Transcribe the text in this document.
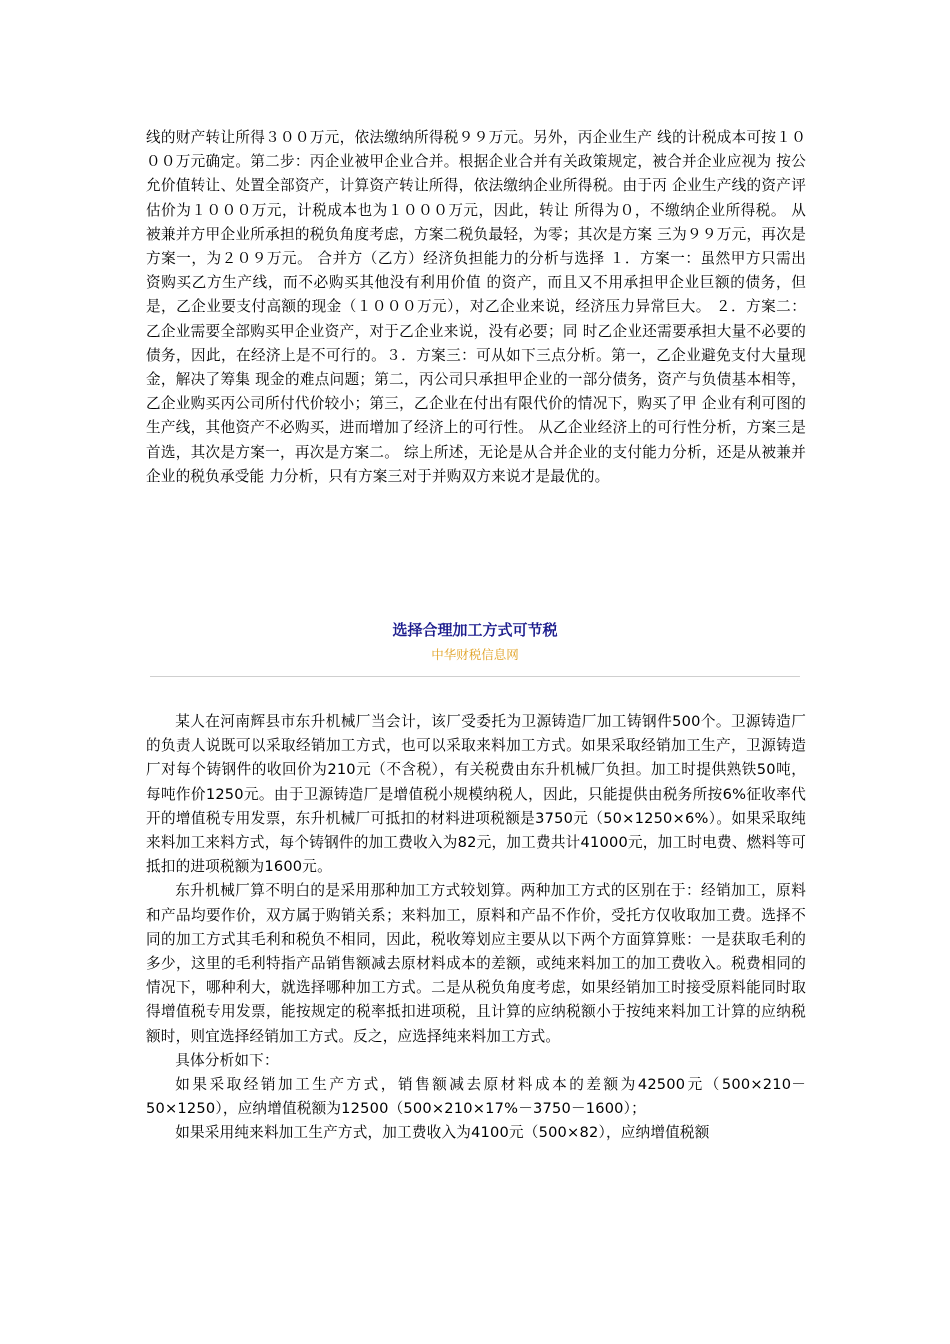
线的财产转让所得３００万元，依法缴纳所得税９９万元。另外，丙企业生产 线的计税成本可按１０００万元确定。第二步：丙企业被甲企业合并。根据企业合并有关政策规定，被合并企业应视为 按公允价值转让、处置全部资产，计算资产转让所得，依法缴纳企业所得税。由于丙 企业生产线的资产评估价为１０００万元，计税成本也为１０００万元，因此，转让 所得为０，不缴纳企业所得税。 从被兼并方甲企业所承担的税负角度考虑，方案二税负最轻，为零；其次是方案 三为９９万元，再次是方案一，为２０９万元。 合并方（乙方）经济负担能力的分析与选择 １．方案一：虽然甲方只需出资购买乙方生产线，而不必购买其他没有利用价值 的资产，而且又不用承担甲企业巨额的债务，但是，乙企业要支付高额的现金（１０００万元），对乙企业来说，经济压力异常巨大。 ２．方案二：乙企业需要全部购买甲企业资产，对于乙企业来说，没有必要；同 时乙企业还需要承担大量不必要的债务，因此，在经济上是不可行的。３．方案三：可从如下三点分析。第一，乙企业避免支付大量现金，解决了筹集 现金的难点问题；第二，丙公司只承担甲企业的一部分债务，资产与负债基本相等， 乙企业购买丙公司所付代价较小；第三，乙企业在付出有限代价的情况下，购买了甲 企业有利可图的生产线，其他资产不必购买，进而增加了经济上的可行性。 从乙企业经济上的可行性分析，方案三是首选，其次是方案一，再次是方案二。 综上所述，无论是从合并企业的支付能力分析，还是从被兼并企业的税负承受能 力分析，只有方案三对于并购双方来说才是最优的。

选择合理加工方式可节税
中华财税信息网

某人在河南辉县市东升机械厂当会计，该厂受委托为卫源铸造厂加工铸钢件500个。卫源铸造厂的负责人说既可以采取经销加工方式，也可以采取来料加工方式。如果采取经销加工生产，卫源铸造厂对每个铸钢件的收回价为210元（不含税），有关税费由东升机械厂负担。加工时提供熟铁50吨，每吨作价1250元。由于卫源铸造厂是增值税小规模纳税人，因此，只能提供由税务所按6%征收率代开的增值税专用发票，东升机械厂可抵扣的材料进项税额是3750元（50×1250×6%）。如果采取纯来料加工来料方式，每个铸钢件的加工费收入为82元，加工费共计41000元，加工时电费、燃料等可抵扣的进项税额为1600元。

东升机械厂算不明白的是采用那种加工方式较划算。两种加工方式的区别在于：经销加工，原料和产品均要作价，双方属于购销关系；来料加工，原料和产品不作价，受托方仅收取加工费。选择不同的加工方式其毛利和税负不相同，因此，税收筹划应主要从以下两个方面算算账：一是获取毛利的多少，这里的毛利特指产品销售额减去原材料成本的差额，或纯来料加工的加工费收入。税费相同的情况下，哪种利大，就选择哪种加工方式。二是从税负角度考虑，如果经销加工时接受原料能同时取得增值税专用发票，能按规定的税率抵扣进项税，且计算的应纳税额小于按纯来料加工计算的应纳税额时，则宜选择经销加工方式。反之，应选择纯来料加工方式。

具体分析如下：

如果采取经销加工生产方式，销售额减去原材料成本的差额为42500元（500×210－50×1250），应纳增值税额为12500（500×210×17%－3750－1600）；

如果采用纯来料加工生产方式，加工费收入为4100元（500×82），应纳增值税额
